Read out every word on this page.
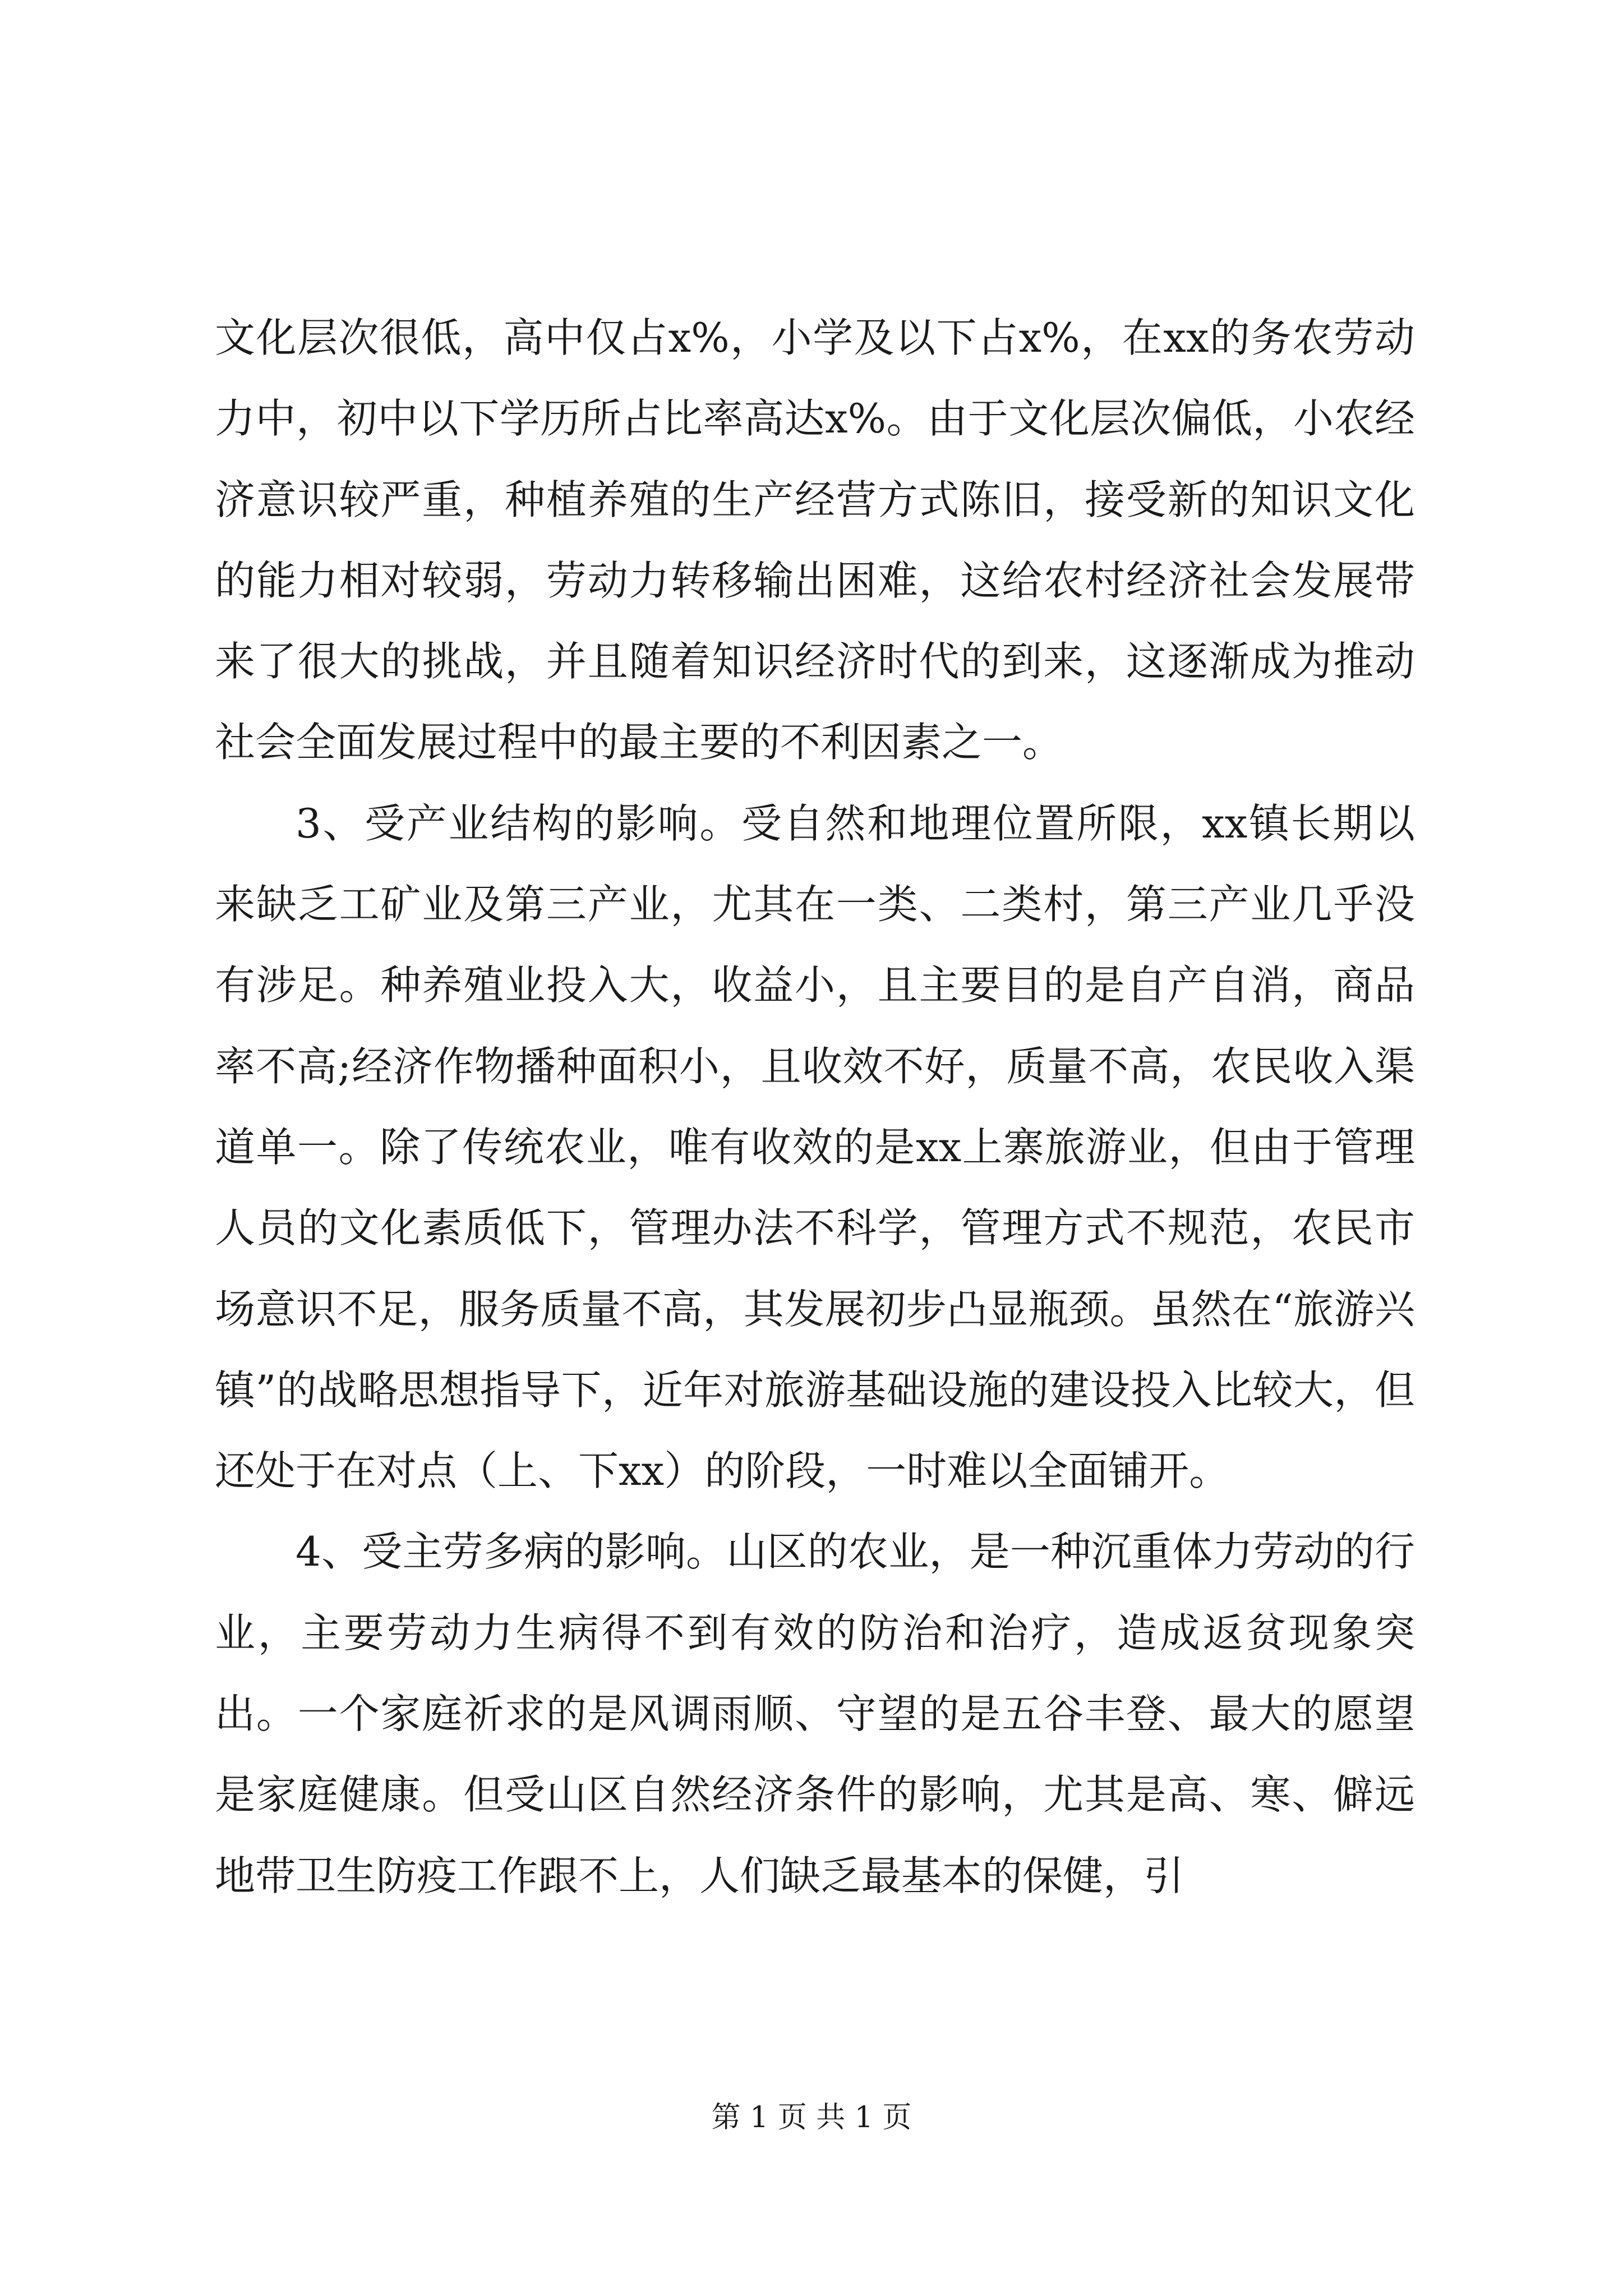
文化层次很低，高中仅占x%，小学及以下占x%，在xx的务农劳动力中，初中以下学历所占比率高达x%。由于文化层次偏低，小农经济意识较严重，种植养殖的生产经营方式陈旧，接受新的知识文化的能力相对较弱，劳动力转移输出困难，这给农村经济社会发展带来了很大的挑战，并且随着知识经济时代的到来，这逐渐成为推动社会全面发展过程中的最主要的不利因素之一。

3、受产业结构的影响。受自然和地理位置所限，xx镇长期以来缺乏工矿业及第三产业，尤其在一类、二类村，第三产业几乎没有涉足。种养殖业投入大，收益小，且主要目的是自产自消，商品率不高;经济作物播种面积小，且收效不好，质量不高，农民收入渠道单一。除了传统农业，唯有收效的是xx上寨旅游业，但由于管理人员的文化素质低下，管理办法不科学，管理方式不规范，农民市场意识不足，服务质量不高，其发展初步凸显瓶颈。虽然在“旅游兴镇”的战略思想指导下，近年对旅游基础设施的建设投入比较大，但还处于在对点（上、下xx）的阶段，一时难以全面铺开。

4、受主劳多病的影响。山区的农业，是一种沉重体力劳动的行业，主要劳动力生病得不到有效的防治和治疗，造成返贫现象突出。一个家庭祈求的是风调雨顺、守望的是五谷丰登、最大的愿望是家庭健康。但受山区自然经济条件的影响，尤其是高、寒、僻远地带卫生防疫工作跟不上，人们缺乏最基本的保健，引

第 1 页 共 1 页
